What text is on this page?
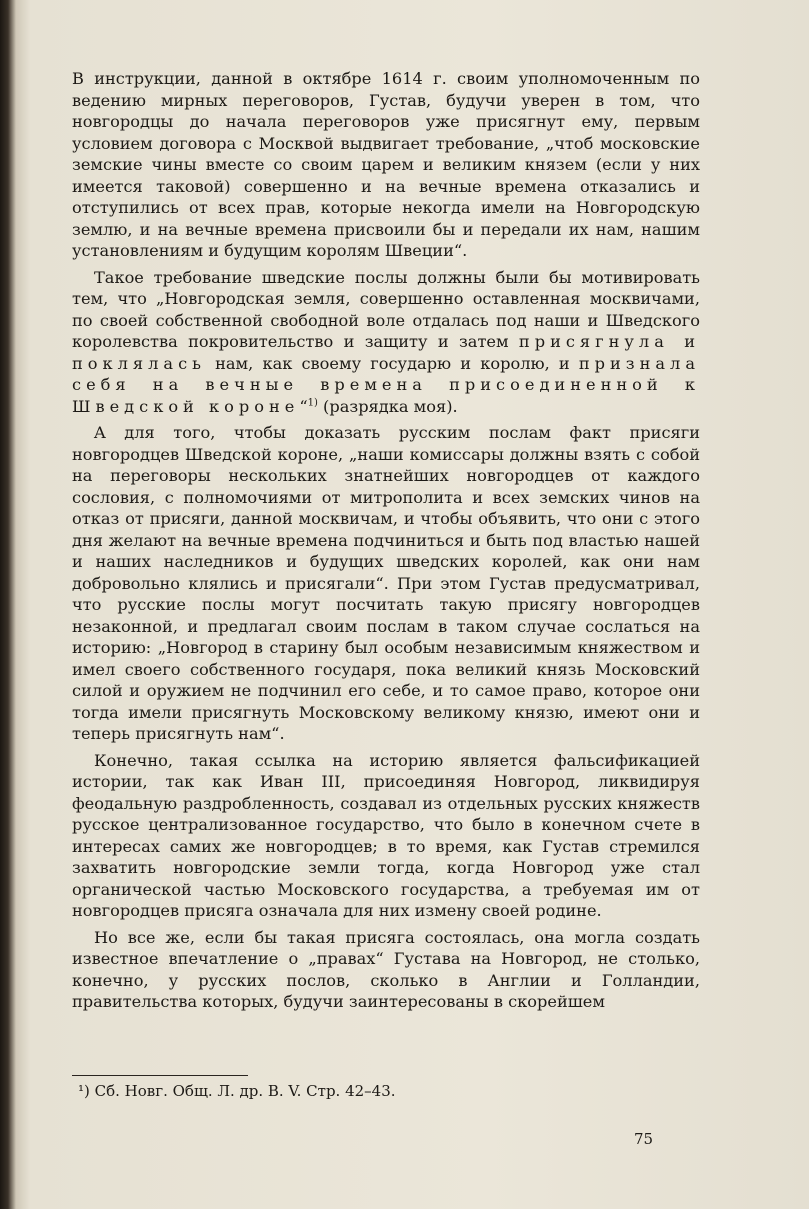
В инструкции, данной в октябре 1614 г. своим уполномоченным по ведению мирных переговоров, Густав, будучи уверен в том, что новгородцы до начала переговоров уже присягнут ему, первым условием договора с Москвой выдвигает требование, „чтоб московские земские чины вместе со своим царем и великим князем (если у них имеется таковой) совершенно и на вечные времена отказались и отступились от всех прав, которые некогда имели на Новгородскую землю, и на вечные времена присвоили бы и передали их нам, нашим установлениям и будущим королям Швеции“.

Такое требование шведские послы должны были бы мотивировать тем, что „Новгородская земля, совершенно оставленная москвичами, по своей собственной свободной воле отдалась под наши и Шведского королевства покровительство и защиту и затем присягнула и поклялась нам, как своему государю и королю, и признала себя на вечные времена присоединенной к Шведской короне“$^{1)}$ (разрядка моя).

A для того, чтобы доказать русским послам факт присяги новгородцев Шведской короне, „наши комиссары должны взять с собой на переговоры нескольких знатнейших новгородцев от каждого сословия, с полномочиями от митрополита и всех земских чинов на отказ от присяги, данной москвичам, и чтобы объявить, что они с этого дня желают на вечные времена подчиниться и быть под властью нашей и наших наследников и будущих шведских королей, как они нам добровольно клялись и присягали“. При этом Густав предусматривал, что русские послы могут посчитать такую присягу новгородцев незаконной, и предлагал своим послам в таком случае сослаться на историю: „Новгород в старину был особым независимым княжеством и имел своего собственного государя, пока великий князь Московский силой и оружием не подчинил его себе, и то самое право, которое они тогда имели присягнуть Московскому великому князю, имеют они и теперь присягнуть нам“.

Конечно, такая ссылка на историю является фальсификацией истории, так как Иван III, присоединяя Новгород, ликвидируя феодальную раздробленность, создавал из отдельных русских княжеств русское централизованное государство, что было в конечном счете в интересах самих же новгородцев; в то время, как Густав стремился захватить новгородские земли тогда, когда Новгород уже стал органической частью Московского государства, а требуемая им от новгородцев присяга означала для них измену своей родине.

Но все же, если бы такая присяга состоялась, она могла создать известное впечатление о „правах“ Густава на Новгород, не столько, конечно, у русских послов, сколько в Англии и Голландии, правительства которых, будучи заинтересованы в скорейшем

¹) Сб. Новг. Общ. Л. др. В. V. Стр. 42–43.
75
